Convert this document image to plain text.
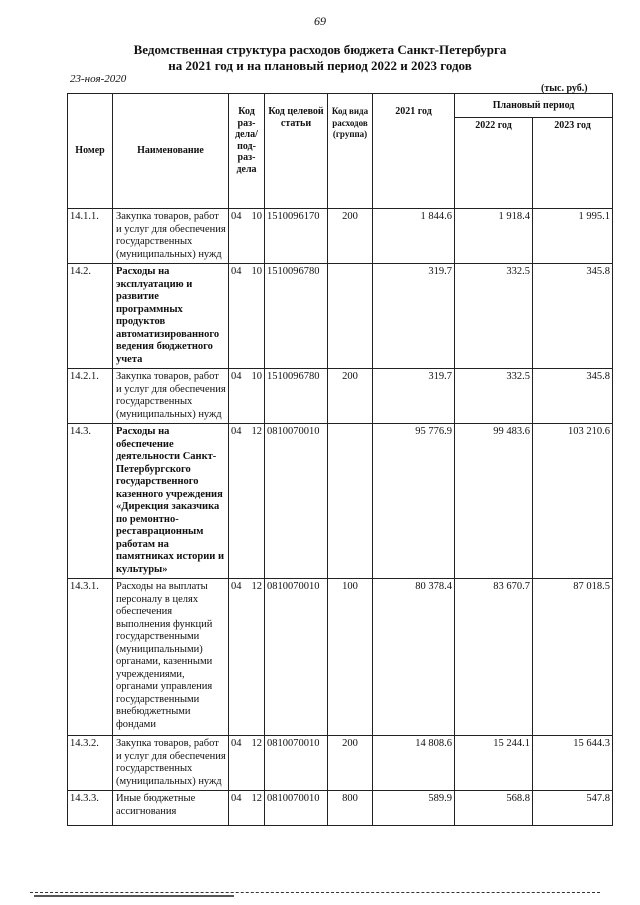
69
Ведомственная структура расходов бюджета Санкт-Петербурга
на 2021 год и на плановый период 2022 и 2023 годов
23-ноя-2020
(тыс. руб.)
Номер	Наименование	Код раз- дела/ под- раз- дела		Код целевой статьи	Код вида расходов (группа)	2021 год	Плановый период	
							2022 год	2023 год
14.1.1.	Закупка товаров, работ и услуг для обеспечения государственных (муниципальных) нужд	04	10	1510096170	200	1 844.6	1 918.4	1 995.1
14.2.	Расходы на эксплуатацию и развитие программных продуктов автоматизированного ведения бюджетного учета	04	10	1510096780		319.7	332.5	345.8
14.2.1.	Закупка товаров, работ и услуг для обеспечения государственных (муниципальных) нужд	04	10	1510096780	200	319.7	332.5	345.8
14.3.	Расходы на обеспечение деятельности Санкт-Петербургского государственного казенного учреждения «Дирекция заказчика по ремонтно-реставрационным работам на памятниках истории и культуры»	04	12	0810070010		95 776.9	99 483.6	103 210.6
14.3.1.	Расходы на выплаты персоналу в целях обеспечения выполнения функций государственными (муниципальными) органами, казенными учреждениями, органами управления государственными внебюджетными фондами	04	12	0810070010	100	80 378.4	83 670.7	87 018.5
14.3.2.	Закупка товаров, работ и услуг для обеспечения государственных (муниципальных) нужд	04	12	0810070010	200	14 808.6	15 244.1	15 644.3
14.3.3.	Иные бюджетные ассигнования	04	12	0810070010	800	589.9	568.8	547.8
